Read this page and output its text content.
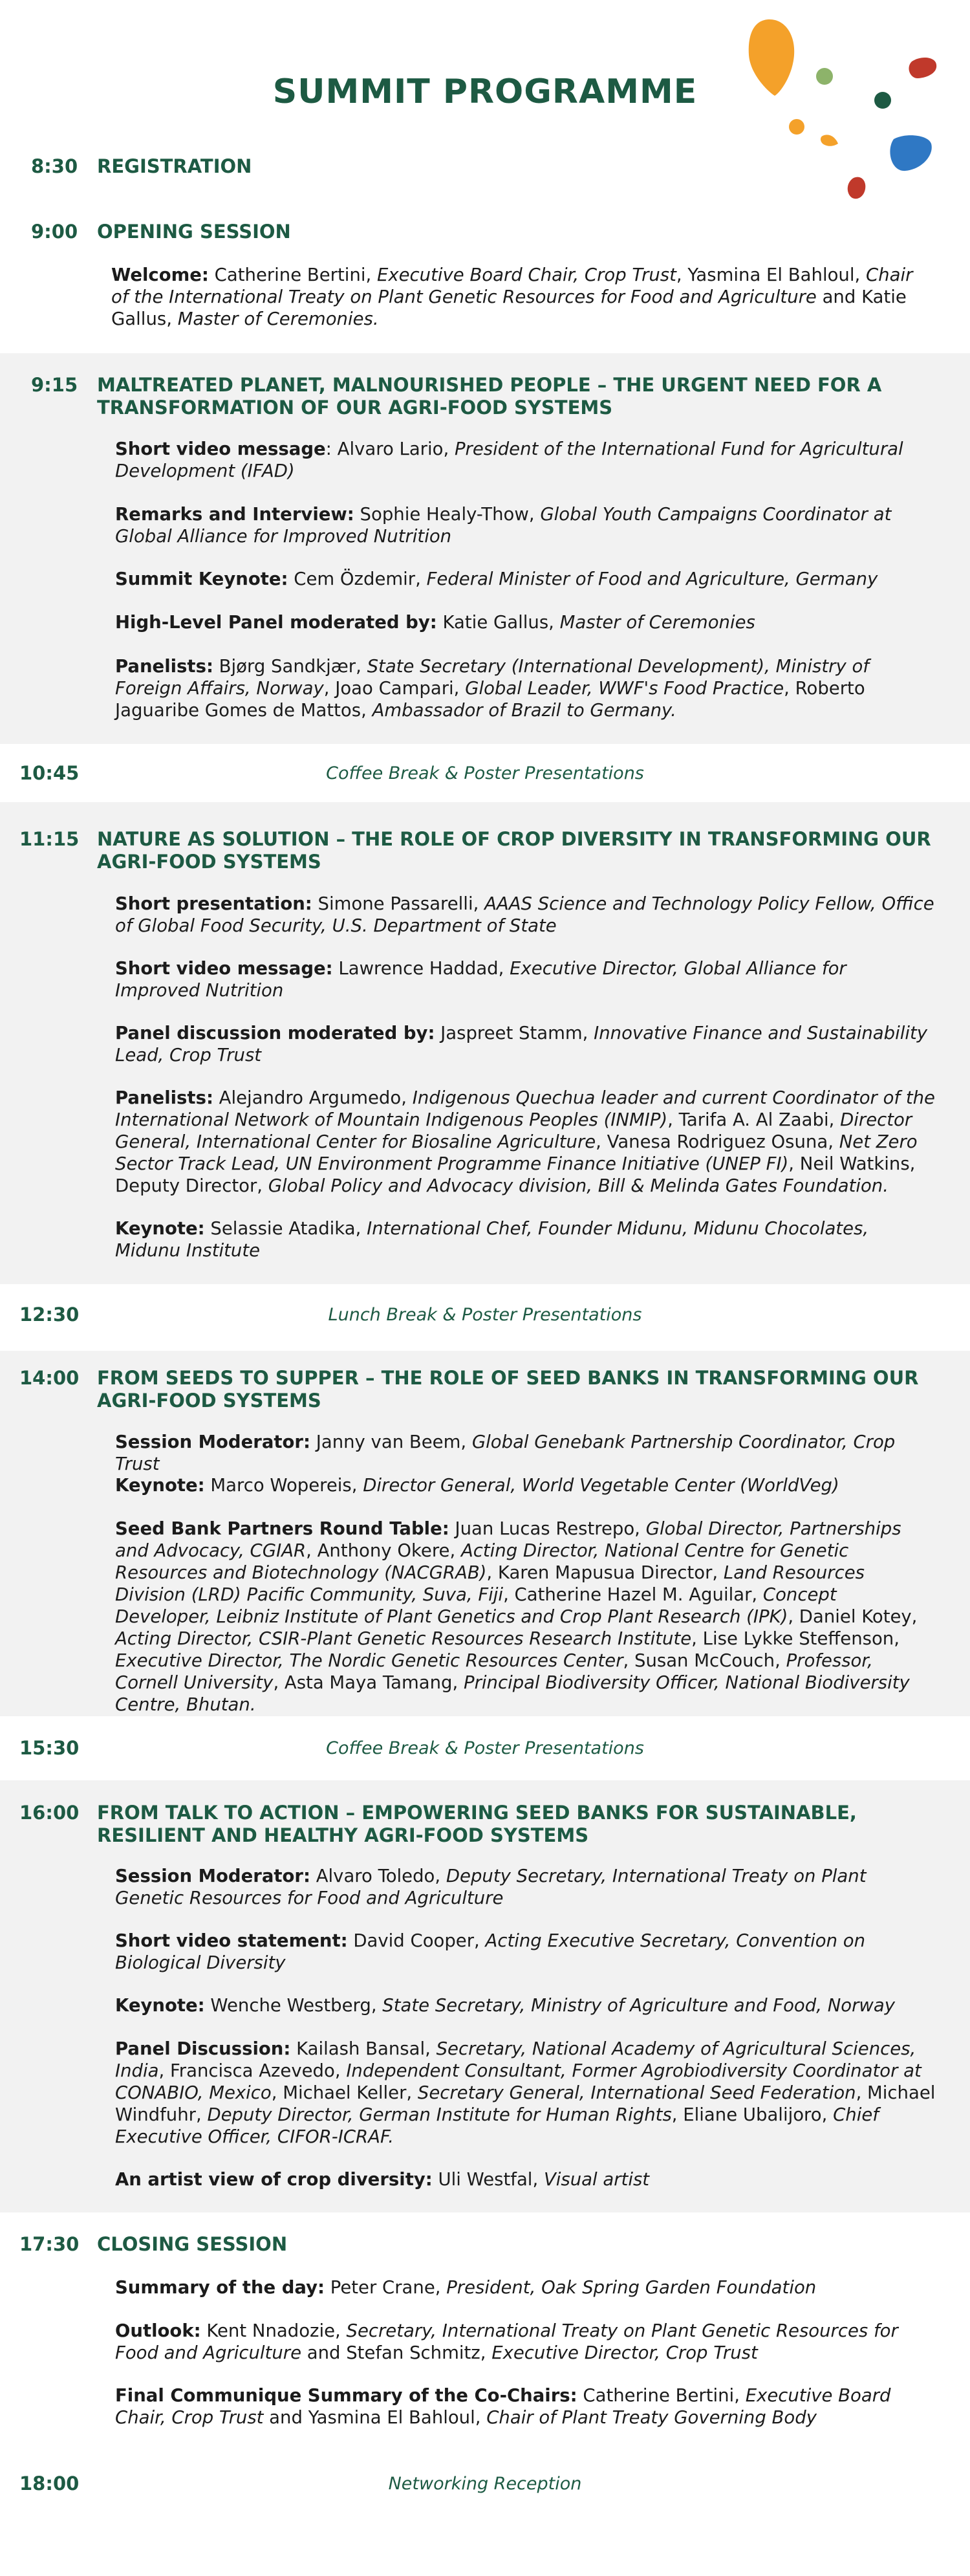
SUMMIT PROGRAMME
8:30 REGISTRATION
9:00 OPENING SESSION
Welcome: Catherine Bertini, Executive Board Chair, Crop Trust, Yasmina El Bahloul, Chair of the International Treaty on Plant Genetic Resources for Food and Agriculture and Katie Gallus, Master of Ceremonies.
9:15 MALTREATED PLANET, MALNOURISHED PEOPLE – THE URGENT NEED FOR A TRANSFORMATION OF OUR AGRI-FOOD SYSTEMS
Short video message: Alvaro Lario, President of the International Fund for Agricultural Development (IFAD)
Remarks and Interview: Sophie Healy-Thow, Global Youth Campaigns Coordinator at Global Alliance for Improved Nutrition
Summit Keynote: Cem Özdemir, Federal Minister of Food and Agriculture, Germany
High-Level Panel moderated by: Katie Gallus, Master of Ceremonies
Panelists: Bjørg Sandkjær, State Secretary (International Development), Ministry of Foreign Affairs, Norway, Joao Campari, Global Leader, WWF's Food Practice, Roberto Jaguaribe Gomes de Mattos, Ambassador of Brazil to Germany.
10:45	Coffee Break & Poster Presentations
11:15 NATURE AS SOLUTION – THE ROLE OF CROP DIVERSITY IN TRANSFORMING OUR AGRI-FOOD SYSTEMS
Short presentation: Simone Passarelli, AAAS Science and Technology Policy Fellow, Office of Global Food Security, U.S. Department of State
Short video message: Lawrence Haddad, Executive Director, Global Alliance for Improved Nutrition
Panel discussion moderated by: Jaspreet Stamm, Innovative Finance and Sustainability Lead, Crop Trust
Panelists: Alejandro Argumedo, Indigenous Quechua leader and current Coordinator of the International Network of Mountain Indigenous Peoples (INMIP), Tarifa A. Al Zaabi, Director General, International Center for Biosaline Agriculture, Vanesa Rodriguez Osuna, Net Zero Sector Track Lead, UN Environment Programme Finance Initiative (UNEP FI), Neil Watkins, Deputy Director, Global Policy and Advocacy division, Bill & Melinda Gates Foundation.
Keynote: Selassie Atadika, International Chef, Founder Midunu, Midunu Chocolates, Midunu Institute
12:30	Lunch Break & Poster Presentations
14:00 FROM SEEDS TO SUPPER – THE ROLE OF SEED BANKS IN TRANSFORMING OUR AGRI-FOOD SYSTEMS
Session Moderator: Janny van Beem, Global Genebank Partnership Coordinator, Crop Trust
Keynote: Marco Wopereis, Director General, World Vegetable Center (WorldVeg)
Seed Bank Partners Round Table: Juan Lucas Restrepo, Global Director, Partnerships and Advocacy, CGIAR, Anthony Okere, Acting Director, National Centre for Genetic Resources and Biotechnology (NACGRAB), Karen Mapusua Director, Land Resources Division (LRD) Pacific Community, Suva, Fiji, Catherine Hazel M. Aguilar, Concept Developer, Leibniz Institute of Plant Genetics and Crop Plant Research (IPK), Daniel Kotey, Acting Director, CSIR-Plant Genetic Resources Research Institute, Lise Lykke Steffenson, Executive Director, The Nordic Genetic Resources Center, Susan McCouch, Professor, Cornell University, Asta Maya Tamang, Principal Biodiversity Officer, National Biodiversity Centre, Bhutan.
15:30	Coffee Break & Poster Presentations
16:00 FROM TALK TO ACTION – EMPOWERING SEED BANKS FOR SUSTAINABLE, RESILIENT AND HEALTHY AGRI-FOOD SYSTEMS
Session Moderator: Alvaro Toledo, Deputy Secretary, International Treaty on Plant Genetic Resources for Food and Agriculture
Short video statement: David Cooper, Acting Executive Secretary, Convention on Biological Diversity
Keynote: Wenche Westberg, State Secretary, Ministry of Agriculture and Food, Norway
Panel Discussion: Kailash Bansal, Secretary, National Academy of Agricultural Sciences, India, Francisca Azevedo, Independent Consultant, Former Agrobiodiversity Coordinator at CONABIO, Mexico, Michael Keller, Secretary General, International Seed Federation, Michael Windfuhr, Deputy Director, German Institute for Human Rights, Eliane Ubalijoro, Chief Executive Officer, CIFOR-ICRAF.
An artist view of crop diversity: Uli Westfal, Visual artist
17:30 CLOSING SESSION
Summary of the day: Peter Crane, President, Oak Spring Garden Foundation
Outlook: Kent Nnadozie, Secretary, International Treaty on Plant Genetic Resources for Food and Agriculture and Stefan Schmitz, Executive Director, Crop Trust
Final Communique Summary of the Co-Chairs: Catherine Bertini, Executive Board Chair, Crop Trust and Yasmina El Bahloul, Chair of Plant Treaty Governing Body
18:00	Networking Reception
